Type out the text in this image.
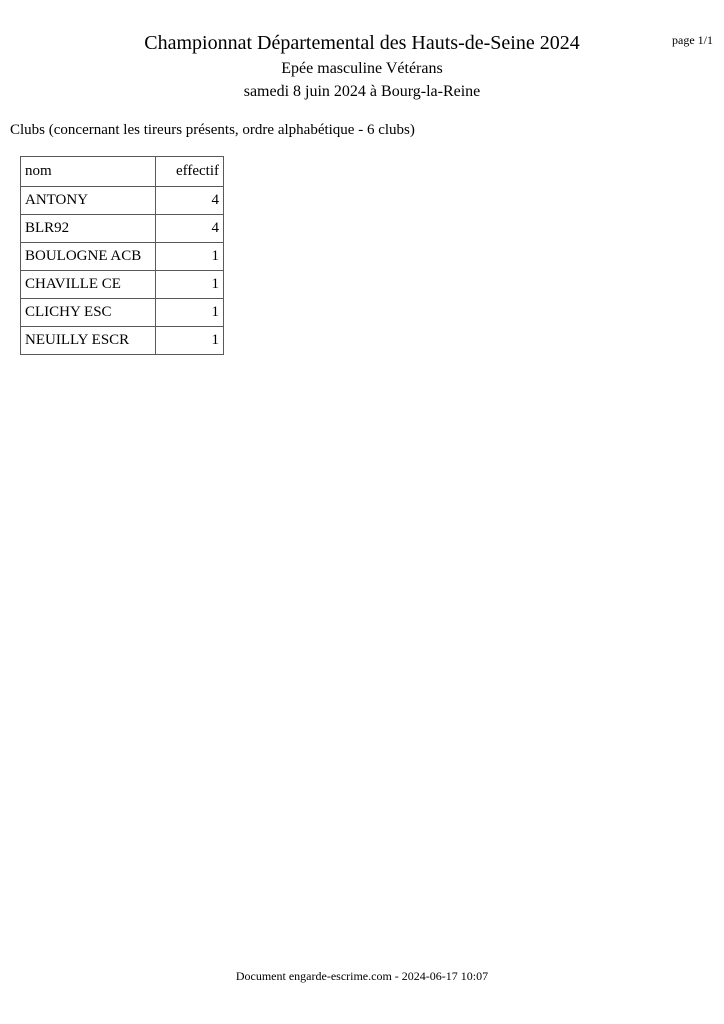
Championnat Départemental des Hauts-de-Seine 2024	page 1/1
Epée masculine Vétérans
samedi 8 juin 2024 à Bourg-la-Reine
Clubs (concernant les tireurs présents, ordre alphabétique - 6 clubs)
nom	effectif
ANTONY	4
BLR92	4
BOULOGNE ACB	1
CHAVILLE CE	1
CLICHY ESC	1
NEUILLY ESCR	1
Document engarde-escrime.com - 2024-06-17 10:07
